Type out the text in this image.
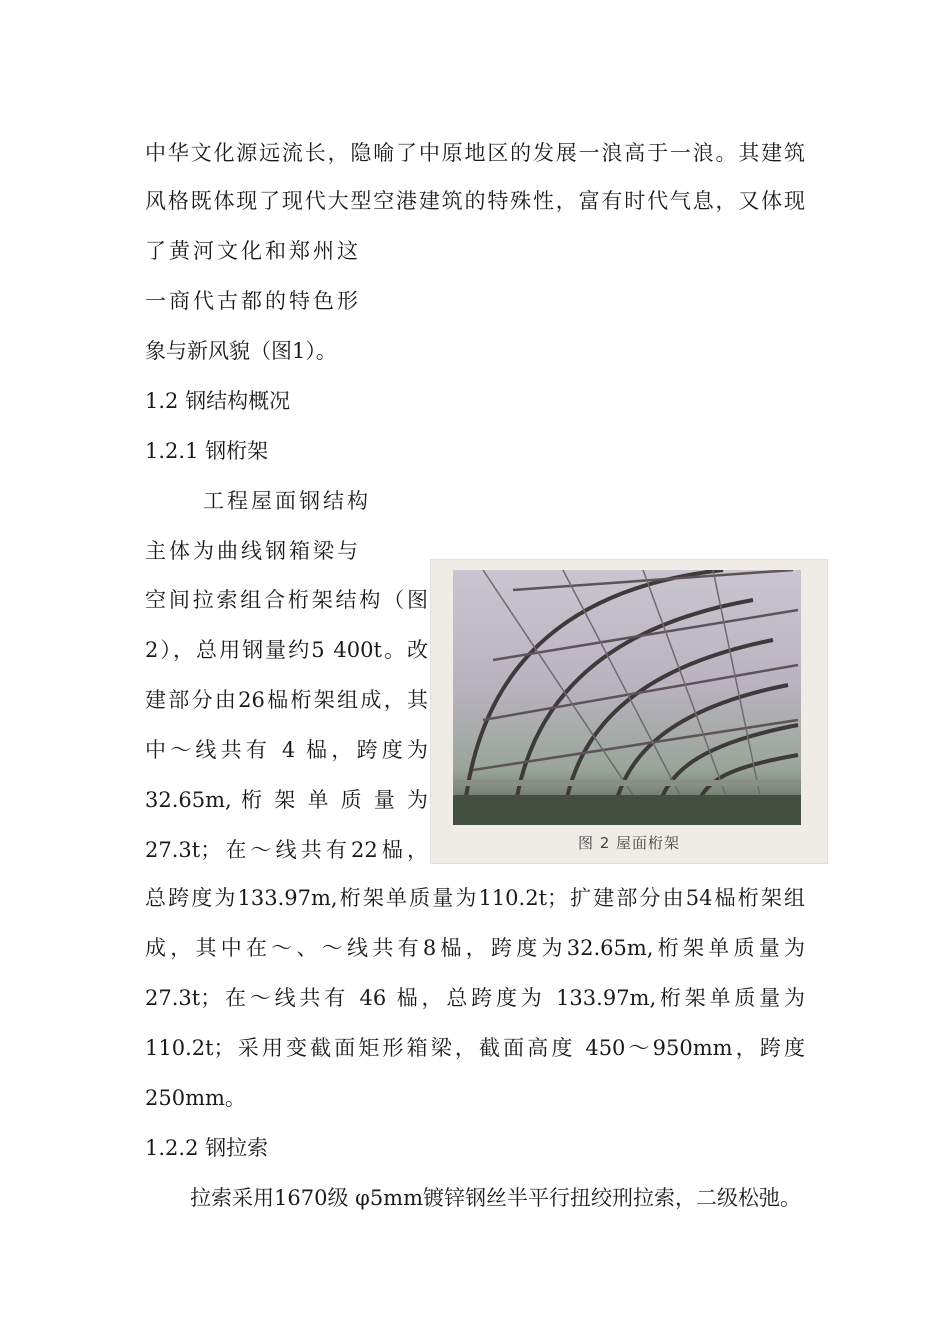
中华文化源远流长，隐喻了中原地区的发展一浪高于一浪。其建筑
风格既体现了现代大型空港建筑的特殊性，富有时代气息，又体现
了黄河文化和郑州这
一商代古都的特色形
象与新风貌（图1）。
1.2 钢结构概况
1.2.1 钢桁架
工程屋面钢结构
主体为曲线钢箱梁与
空间拉索组合桁架结构（图
2），总用钢量约5 400t。改
建部分由26榀桁架组成，其
中～线共有 4 榀，跨度为
32.65m, 桁 架 单 质 量 为
27.3t；在～线共有22榀，
总跨度为133.97m,桁架单质量为110.2t；扩建部分由54榀桁架组
成，其中在～、～线共有8榀，跨度为32.65m,桁架单质量为
27.3t；在～线共有 46 榀，总跨度为 133.97m,桁架单质量为
110.2t；采用变截面矩形箱梁，截面高度 450～950mm，跨度
250mm。
1.2.2 钢拉索
拉索采用1670级 φ5mm镀锌钢丝半平行扭绞刑拉索，二级松弛。
图 2 屋面桁架
